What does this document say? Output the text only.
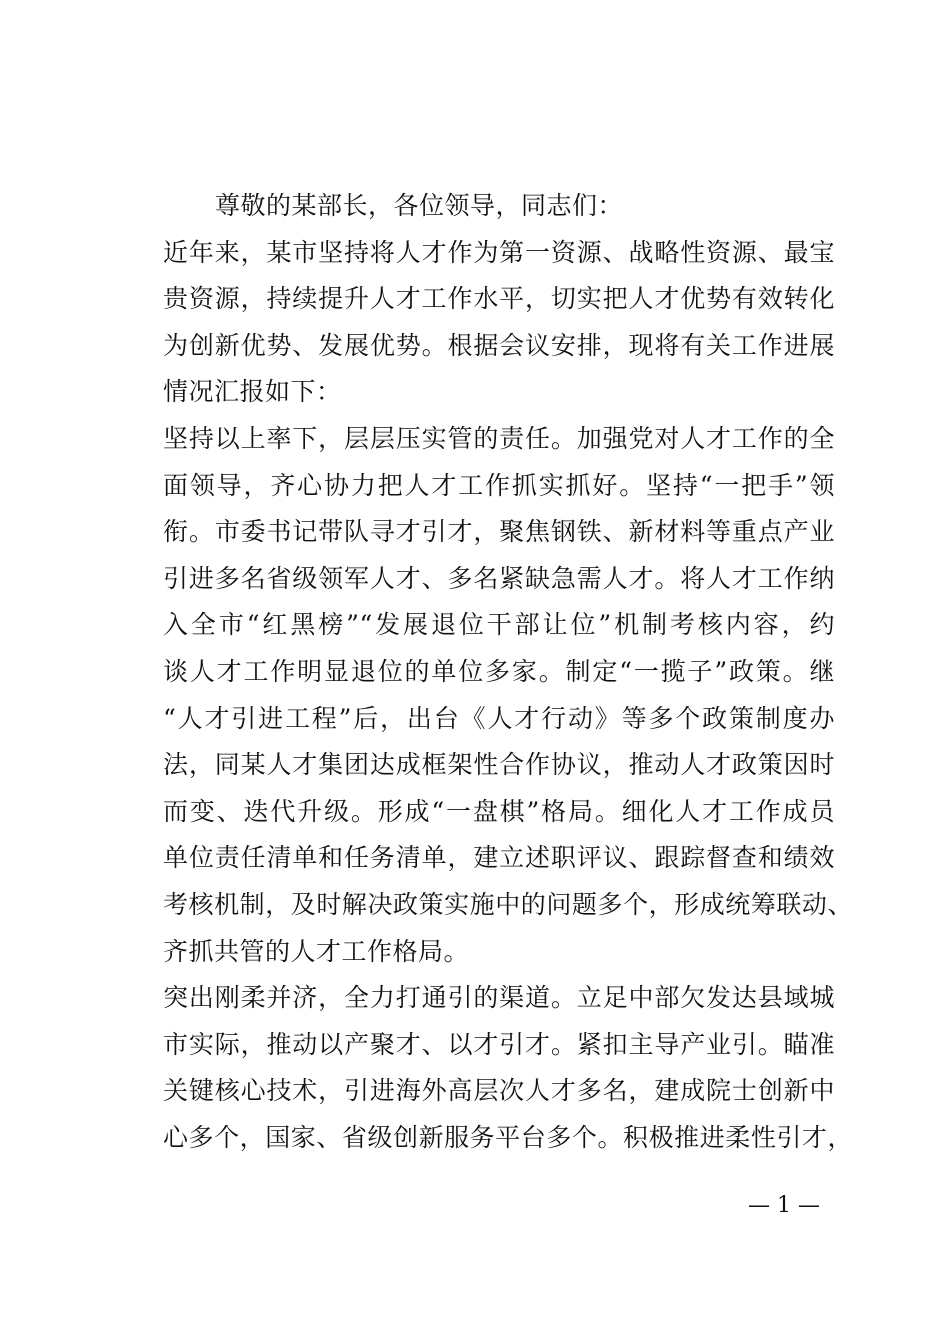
尊敬的某部长，各位领导，同志们：
近年来，某市坚持将人才作为第一资源、战略性资源、最宝
贵资源，持续提升人才工作水平，切实把人才优势有效转化
为创新优势、发展优势。根据会议安排，现将有关工作进展
情况汇报如下：
坚持以上率下，层层压实管的责任。加强党对人才工作的全
面领导，齐心协力把人才工作抓实抓好。坚持“一把手”领
衔。市委书记带队寻才引才，聚焦钢铁、新材料等重点产业
引进多名省级领军人才、多名紧缺急需人才。将人才工作纳
入全市“红黑榜”“发展退位干部让位”机制考核内容，约
谈人才工作明显退位的单位多家。制定“一揽子”政策。继
“人才引进工程”后，出台《人才行动》等多个政策制度办
法，同某人才集团达成框架性合作协议，推动人才政策因时
而变、迭代升级。形成“一盘棋”格局。细化人才工作成员
单位责任清单和任务清单，建立述职评议、跟踪督查和绩效
考核机制，及时解决政策实施中的问题多个，形成统筹联动、
齐抓共管的人才工作格局。
突出刚柔并济，全力打通引的渠道。立足中部欠发达县域城
市实际，推动以产聚才、以才引才。紧扣主导产业引。瞄准
关键核心技术，引进海外高层次人才多名，建成院士创新中
心多个，国家、省级创新服务平台多个。积极推进柔性引才，
— 1 —
